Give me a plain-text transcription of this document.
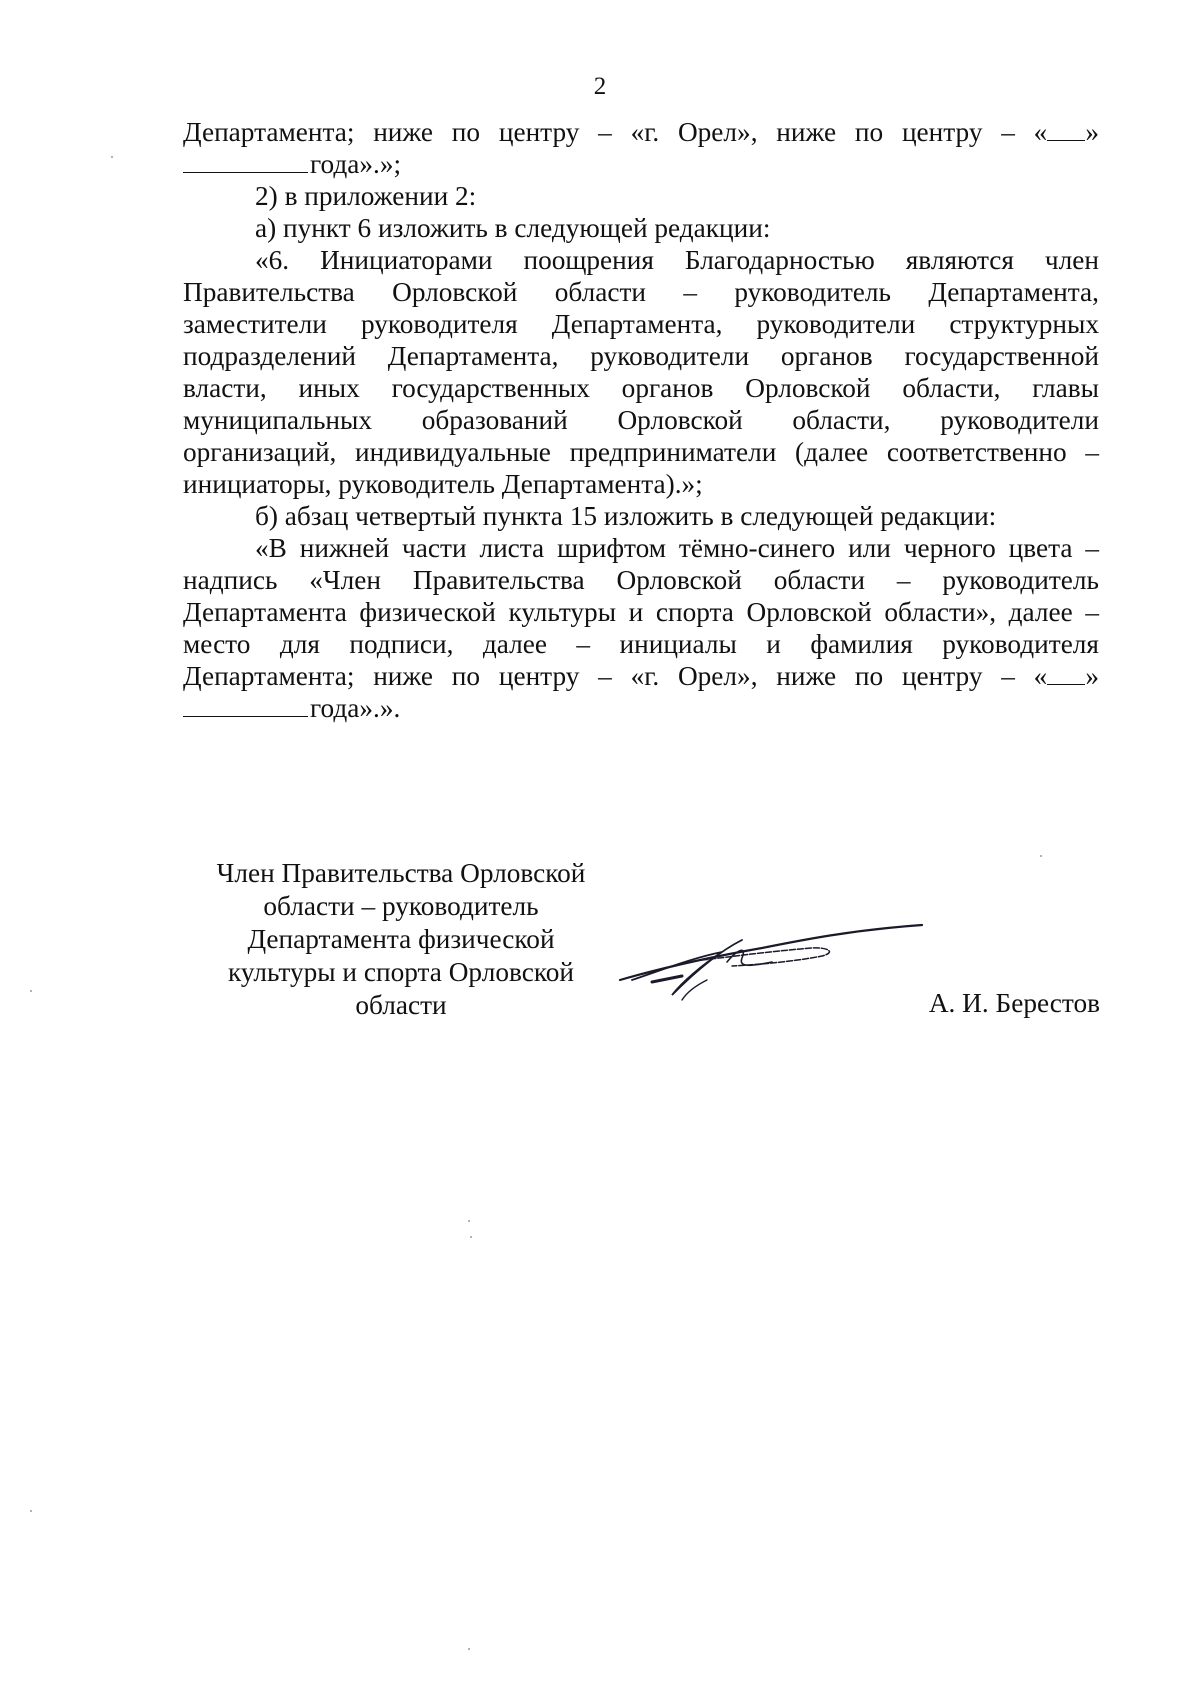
2
Департамента; ниже по центру – «г. Орел», ниже по центру – « »
года».»;
2) в приложении 2:
а) пункт 6 изложить в следующей редакции:
«6. Инициаторами поощрения Благодарностью являются член
Правительства Орловской области – руководитель Департамента,
заместители руководителя Департамента, руководители структурных
подразделений Департамента, руководители органов государственной
власти, иных государственных органов Орловской области, главы
муниципальных образований Орловской области, руководители
организаций, индивидуальные предприниматели (далее соответственно –
инициаторы, руководитель Департамента).»;
б) абзац четвертый пункта 15 изложить в следующей редакции:
«В нижней части листа шрифтом тёмно-синего или черного цвета –
надпись «Член Правительства Орловской области – руководитель
Департамента физической культуры и спорта Орловской области», далее –
место для подписи, далее – инициалы и фамилия руководителя
Департамента; ниже по центру – «г. Орел», ниже по центру – « »
года».».
Член Правительства Орловской
области – руководитель
Департамента физической
культуры и спорта Орловской
области	А. И. Берестов
